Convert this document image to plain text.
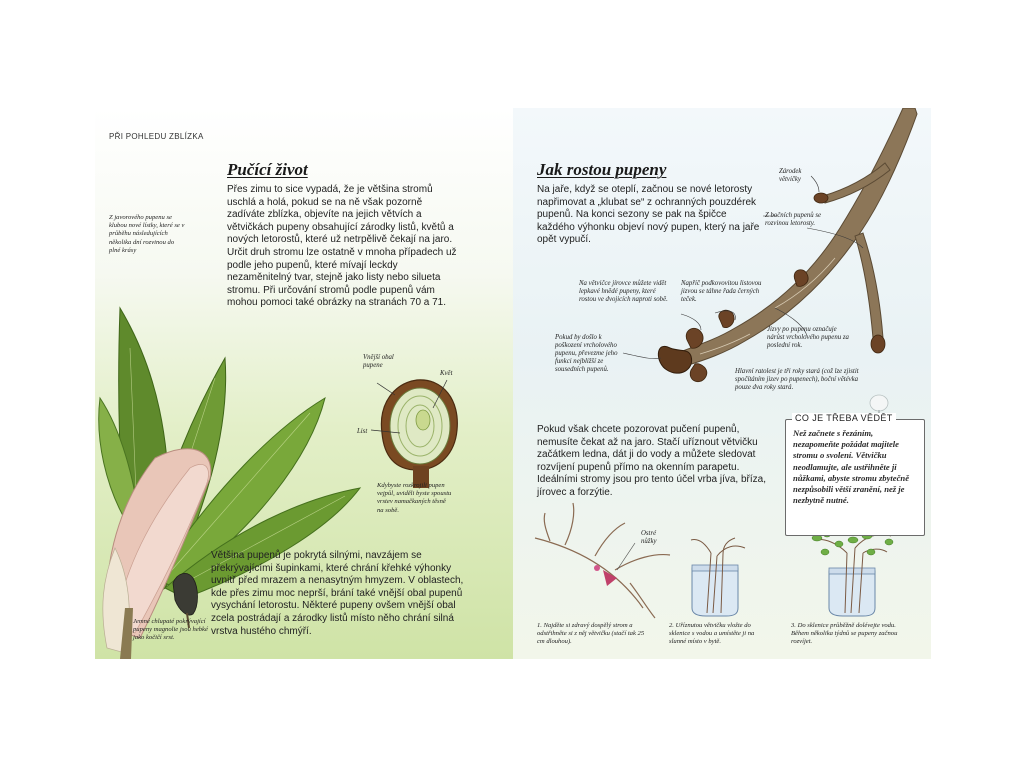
PŘI POHLEDU ZBLÍZKA
Pučící život
Přes zimu to sice vypadá, že je většina stromů uschlá a holá, pokud se na ně však pozorně zadíváte zblízka, objevíte na jejich větvích a větvičkách pupeny obsahující zárodky listů, květů a nových letorostů, které už netrpělivě čekají na jaro. Určit druh stromu lze ostatně v mnoha případech už podle jeho pupenů, které mívají leckdy nezaměnitelný tvar, stejně jako listy nebo silueta stromu. Při určování stromů podle pupenů vám mohou pomoci také obrázky na stranách 70 a 71.
Z javorového pupenu se klubou nové lístky, které se v průběhu následujících několika dní rozvinou do plné krásy
Vnější obal pupene
Květ
List
Kdybyste rozkrojili pupen vejpůl, uviděli byste spoustu vrstev namačkaných těsně na sobě.
Většina pupenů je pokrytá silnými, navzájem se překrývajícími šupinkami, které chrání křehké výhonky uvnitř před mrazem a nenasytným hmyzem. V oblastech, kde přes zimu moc neprší, brání také vnější obal pupenů vysychání letorostu. Některé pupeny ovšem vnější obal zcela postrádají a zárodky listů místo něho chrání silná vrstva hustého chmýří.
Jemné chlupaté pokrývající pupeny magnolie jsou hebké jako kočičí srst.
Jak rostou pupeny
Na jaře, když se oteplí, začnou se nové letorosty napřimovat a „klubat se“ z ochranných pouzdérek pupenů. Na konci sezony se pak na špičce každého výhonku objeví nový pupen, který na jaře opět vypučí.
Zárodek větvičky
Z bočních pupenů se rozvinou letorosty.
Na větvičce jírovce můžete vidět lepkavé hnědé pupeny, které rostou ve dvojicích naproti sobě.
Napříč podkovovitou listovou jizvou se táhne řada černých teček.
Pokud by došlo k poškození vrcholového pupenu, převezme jeho funkci nejbližší ze sousedních pupenů.
Jizvy po pupenu označuje nárůst vrcholového pupenu za poslední rok.
Hlavní ratolest je tři roky stará (což lze zjistit spočítáním jizev po pupenech), boční větévka pouze dva roky stará.
Pokud však chcete pozorovat pučení pupenů, nemusíte čekat až na jaro. Stačí uříznout větvičku začátkem ledna, dát ji do vody a můžete sledovat rozvíjení pupenů přímo na okenním parapetu. Ideálními stromy jsou pro tento účel vrba jíva, bříza, jírovec a forzýtie.
CO JE TŘEBA VĚDĚT
Než začnete s řezáním, nezapomeňte požádat majitele stromu o svolení. Větvičku neodlamujte, ale ustřihněte ji nůžkami, abyste stromu zbytečně nezpůsobili větší zranění, než je nezbytně nutné.
Ostré nůžky
1. Najděte si zdravý dospělý strom a odstřihněte si z něj větvičku (stačí tak 25 cm dlouhou).
2. Uříznutou větvičku vložte do sklenice s vodou a umístěte ji na slunné místo v bytě.
3. Do sklenice průběžně dolévejte vodu. Během několika týdnů se pupeny začnou rozvíjet.
